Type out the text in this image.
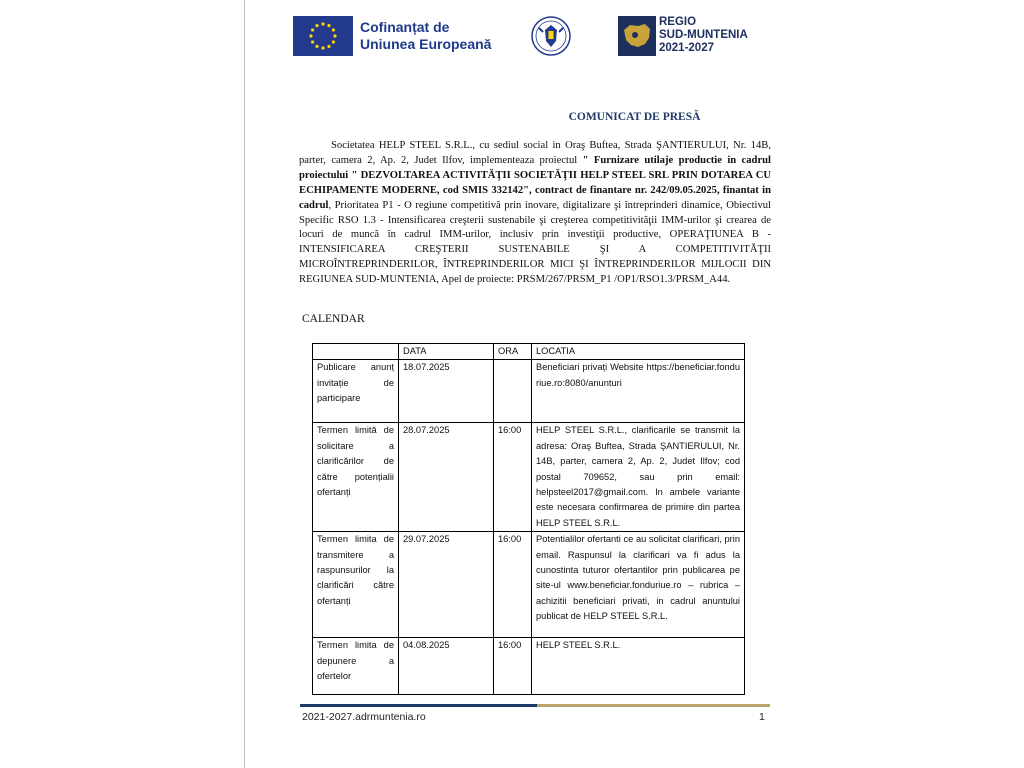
Cofinanțat de
Uniunea Europeană
REGIO
SUD-MUNTENIA
2021-2027
COMUNICAT DE PRESĂ

Societatea HELP STEEL S.R.L., cu sediul social in Oraş Buftea, Strada ŞANTIERULUI, Nr. 14B, parter, camera 2, Ap. 2, Judet Ilfov, implementeaza proiectul " Furnizare utilaje productie in cadrul proiectului " DEZVOLTAREA ACTIVITĂŢII SOCIETĂŢII HELP STEEL SRL PRIN DOTAREA CU ECHIPAMENTE MODERNE, cod SMIS 332142", contract de finantare nr. 242/09.05.2025, finantat in cadrul, Prioritatea P1 - O regiune competitivă prin inovare, digitalizare şi întreprinderi dinamice, Obiectivul Specific RSO 1.3 - Intensificarea creşterii sustenabile şi creşterea competitivităţii IMM-urilor şi crearea de locuri de muncă în cadrul IMM-urilor, inclusiv prin investiţii productive, OPERAŢIUNEA B - INTENSIFICAREA CREŞTERII SUSTENABILE ŞI A COMPETITIVITĂŢII MICROÎNTREPRINDERILOR, ÎNTREPRINDERILOR MICI ŞI ÎNTREPRINDERILOR MIJLOCII DIN REGIUNEA SUD-MUNTENIA, Apel de proiecte: PRSM/267/PRSM_P1 /OP1/RSO1.3/PRSM_A44.

CALENDAR
	DATA	ORA	LOCATIA
Publicare anunț invitație de participare	18.07.2025		Beneficiari privați Website https://beneficiar.fonduriue.ro:8080/anunturi
Termen limită de solicitare a clarificărilor de către potențialii ofertanți	28.07.2025	16:00	HELP STEEL S.R.L., clarificarile se transmit la adresa: Oraş Buftea, Strada ŞANTIERULUI, Nr. 14B, parter, camera 2, Ap. 2, Judet Ilfov; cod postal 709652, sau prin email: helpsteel2017@gmail.com. In ambele variante este necesara confirmarea de primire din partea HELP STEEL S.R.L.
Termen limita de transmitere a raspunsurilor la clarificări către ofertanți	29.07.2025	16:00	Potentialilor ofertanti ce au solicitat clarificari, prin email. Raspunsul la clarificari va fi adus la cunostinta tuturor ofertantilor prin publicarea pe site-ul www.beneficiar.fonduriue.ro – rubrica – achizitii beneficiari privati, in cadrul anuntului publicat de HELP STEEL S.R.L.
Termen limita de depunere a ofertelor	04.08.2025	16:00	HELP STEEL S.R.L.
2021-2027.adrmuntenia.ro	1
